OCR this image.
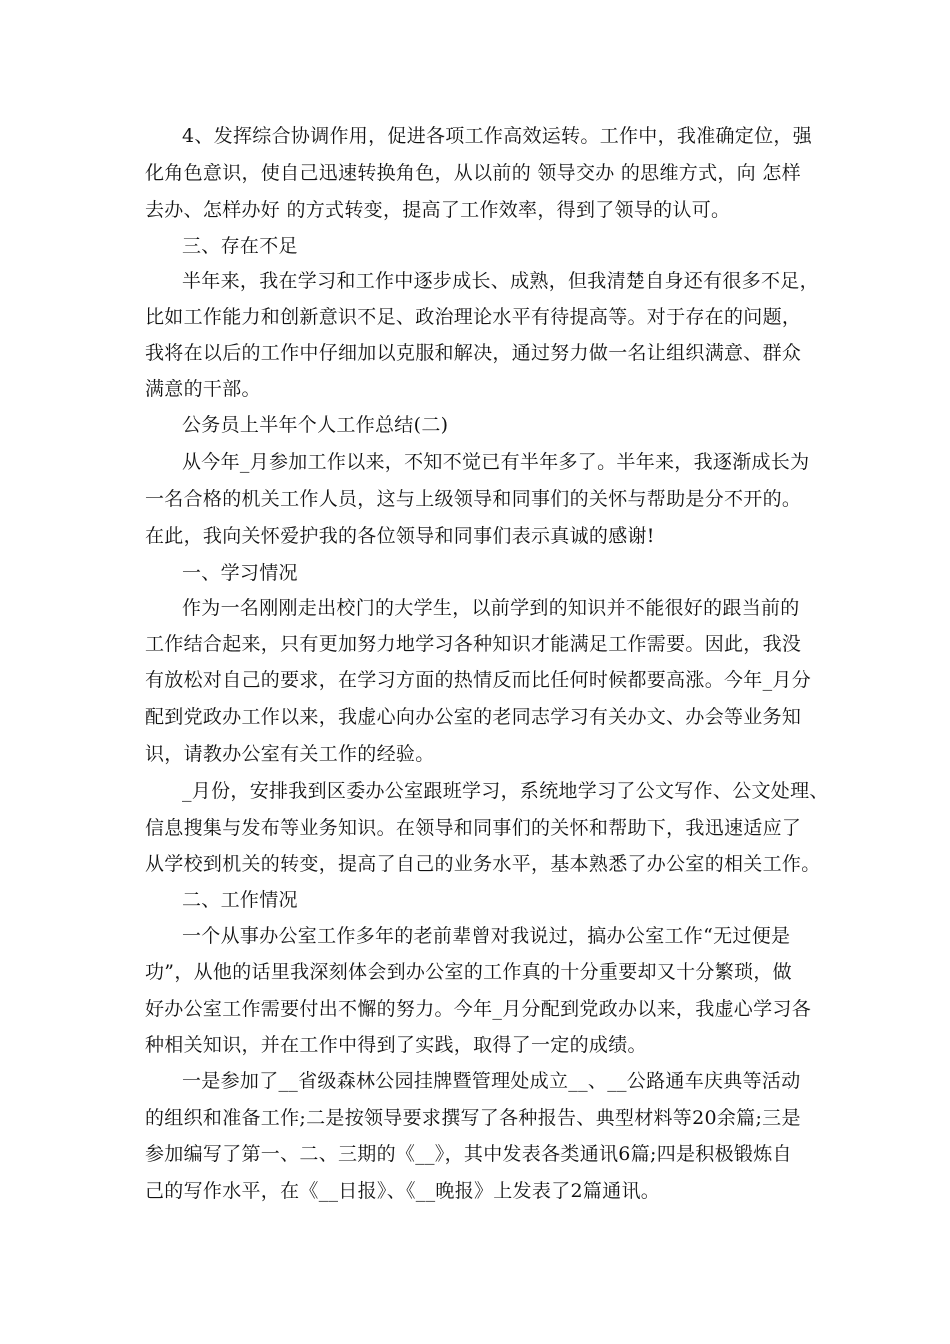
4、发挥综合协调作用，促进各项工作高效运转。工作中，我准确定位，强
化角色意识，使自己迅速转换角色，从以前的 领导交办 的思维方式，向 怎样
去办、怎样办好 的方式转变，提高了工作效率，得到了领导的认可。
三、存在不足
半年来，我在学习和工作中逐步成长、成熟，但我清楚自身还有很多不足，
比如工作能力和创新意识不足、政治理论水平有待提高等。对于存在的问题，
我将在以后的工作中仔细加以克服和解决，通过努力做一名让组织满意、群众
满意的干部。
公务员上半年个人工作总结(二)
从今年_月参加工作以来，不知不觉已有半年多了。半年来，我逐渐成长为
一名合格的机关工作人员，这与上级领导和同事们的关怀与帮助是分不开的。
在此，我向关怀爱护我的各位领导和同事们表示真诚的感谢!
一、学习情况
作为一名刚刚走出校门的大学生，以前学到的知识并不能很好的跟当前的
工作结合起来，只有更加努力地学习各种知识才能满足工作需要。因此，我没
有放松对自己的要求，在学习方面的热情反而比任何时候都要高涨。今年_月分
配到党政办工作以来，我虚心向办公室的老同志学习有关办文、办会等业务知
识，请教办公室有关工作的经验。
_月份，安排我到区委办公室跟班学习，系统地学习了公文写作、公文处理、
信息搜集与发布等业务知识。在领导和同事们的关怀和帮助下，我迅速适应了
从学校到机关的转变，提高了自己的业务水平，基本熟悉了办公室的相关工作。
二、工作情况
一个从事办公室工作多年的老前辈曾对我说过，搞办公室工作“无过便是
功”，从他的话里我深刻体会到办公室的工作真的十分重要却又十分繁琐，做
好办公室工作需要付出不懈的努力。今年_月分配到党政办以来，我虚心学习各
种相关知识，并在工作中得到了实践，取得了一定的成绩。
一是参加了__省级森林公园挂牌暨管理处成立__、__公路通车庆典等活动
的组织和准备工作;二是按领导要求撰写了各种报告、典型材料等20余篇;三是
参加编写了第一、二、三期的《__》，其中发表各类通讯6篇;四是积极锻炼自
己的写作水平，在《__日报》、《__晚报》上发表了2篇通讯。
